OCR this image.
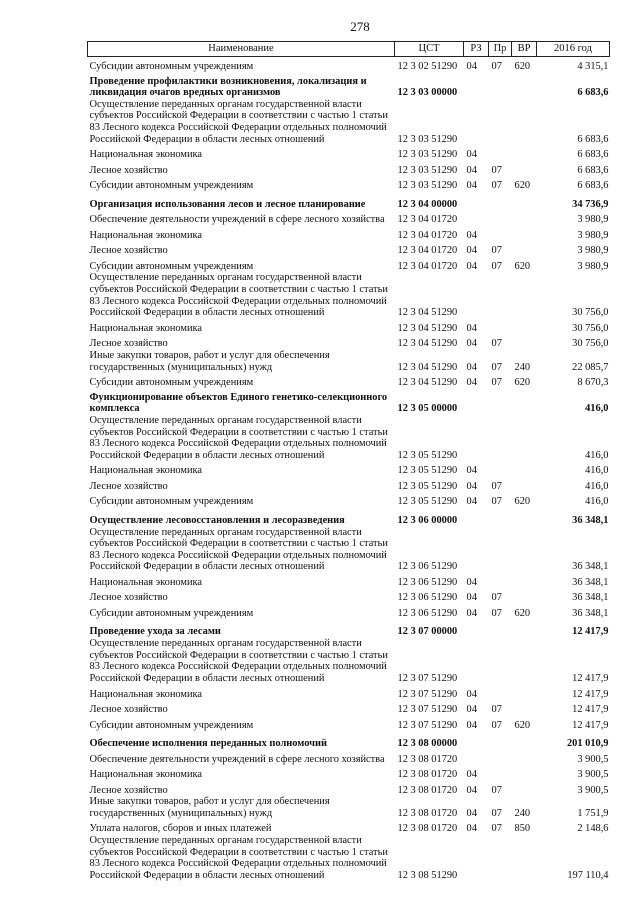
278
Наименование	ЦСТ	РЗ	Пр	ВР	2016 год
Субсидии автономным учреждениям	12 3 02 51290	04	07	620	4 315,1
Проведение профилактики возникновения, локализация и ликвидация очагов вредных организмов	12 3 03 00000				6 683,6
Осуществление переданных органам государственной власти субъектов Российской Федерации в соответствии с частью 1 статьи 83 Лесного кодекса Российской Федерации отдельных полномочий Российской Федерации в области лесных отношений	12 3 03 51290				6 683,6
Национальная экономика	12 3 03 51290	04			6 683,6
Лесное хозяйство	12 3 03 51290	04	07		6 683,6
Субсидии автономным учреждениям	12 3 03 51290	04	07	620	6 683,6
Организация использования лесов и лесное планирование	12 3 04 00000				34 736,9
Обеспечение деятельности учреждений в сфере лесного хозяйства	12 3 04 01720				3 980,9
Национальная экономика	12 3 04 01720	04			3 980,9
Лесное хозяйство	12 3 04 01720	04	07		3 980,9
Субсидии автономным учреждениям	12 3 04 01720	04	07	620	3 980,9
Осуществление переданных органам государственной власти субъектов Российской Федерации в соответствии с частью 1 статьи 83 Лесного кодекса Российской Федерации отдельных полномочий Российской Федерации в области лесных отношений	12 3 04 51290				30 756,0
Национальная экономика	12 3 04 51290	04			30 756,0
Лесное хозяйство	12 3 04 51290	04	07		30 756,0
Иные закупки товаров, работ и услуг для обеспечения государственных (муниципальных) нужд	12 3 04 51290	04	07	240	22 085,7
Субсидии автономным учреждениям	12 3 04 51290	04	07	620	8 670,3
Функционирование объектов Единого генетико-селекционного комплекса	12 3 05 00000				416,0
Осуществление переданных органам государственной власти субъектов Российской Федерации в соответствии с частью 1 статьи 83 Лесного кодекса Российской Федерации отдельных полномочий Российской Федерации в области лесных отношений	12 3 05 51290				416,0
Национальная экономика	12 3 05 51290	04			416,0
Лесное хозяйство	12 3 05 51290	04	07		416,0
Субсидии автономным учреждениям	12 3 05 51290	04	07	620	416,0
Осуществление лесовосстановления и лесоразведения	12 3 06 00000				36 348,1
Осуществление переданных органам государственной власти субъектов Российской Федерации в соответствии с частью 1 статьи 83 Лесного кодекса Российской Федерации отдельных полномочий Российской Федерации в области лесных отношений	12 3 06 51290				36 348,1
Национальная экономика	12 3 06 51290	04			36 348,1
Лесное хозяйство	12 3 06 51290	04	07		36 348,1
Субсидии автономным учреждениям	12 3 06 51290	04	07	620	36 348,1
Проведение ухода за лесами	12 3 07 00000				12 417,9
Осуществление переданных органам государственной власти субъектов Российской Федерации в соответствии с частью 1 статьи 83 Лесного кодекса Российской Федерации отдельных полномочий Российской Федерации в области лесных отношений	12 3 07 51290				12 417,9
Национальная экономика	12 3 07 51290	04			12 417,9
Лесное хозяйство	12 3 07 51290	04	07		12 417,9
Субсидии автономным учреждениям	12 3 07 51290	04	07	620	12 417,9
Обеспечение исполнения переданных полномочий	12 3 08 00000				201 010,9
Обеспечение деятельности учреждений в сфере лесного хозяйства	12 3 08 01720				3 900,5
Национальная экономика	12 3 08 01720	04			3 900,5
Лесное хозяйство	12 3 08 01720	04	07		3 900,5
Иные закупки товаров, работ и услуг для обеспечения государственных (муниципальных) нужд	12 3 08 01720	04	07	240	1 751,9
Уплата налогов, сборов и иных платежей	12 3 08 01720	04	07	850	2 148,6
Осуществление переданных органам государственной власти субъектов Российской Федерации в соответствии с частью 1 статьи 83 Лесного кодекса Российской Федерации отдельных полномочий Российской Федерации в области лесных отношений	12 3 08 51290				197 110,4
